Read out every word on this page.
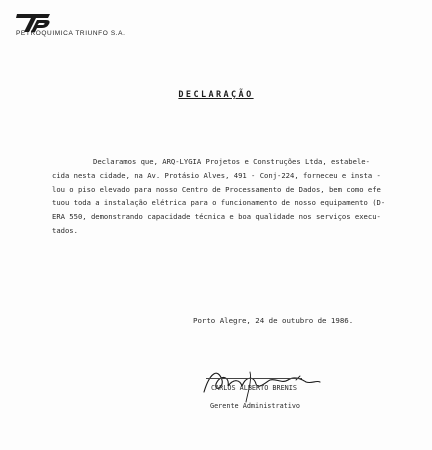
PETROQUIMICA TRIUNFO S.A.
DECLARAÇÃO
Declaramos que, ARQ-LYGIA Projetos e Construções Ltda, estabele-
cida nesta cidade, na Av. Protásio Alves, 491 - Conj-224, forneceu e insta -
lou o piso elevado para nosso Centro de Processamento de Dados, bem como efe
tuou toda a instalação elétrica para o funcionamento de nosso equipamento (D-
ERA 550, demonstrando capacidade técnica e boa qualidade nos serviços execu-
tados.
Porto Alegre, 24 de outubro de 1986.
CARLOS ALBERTO BRENIS
Gerente Administrativo
